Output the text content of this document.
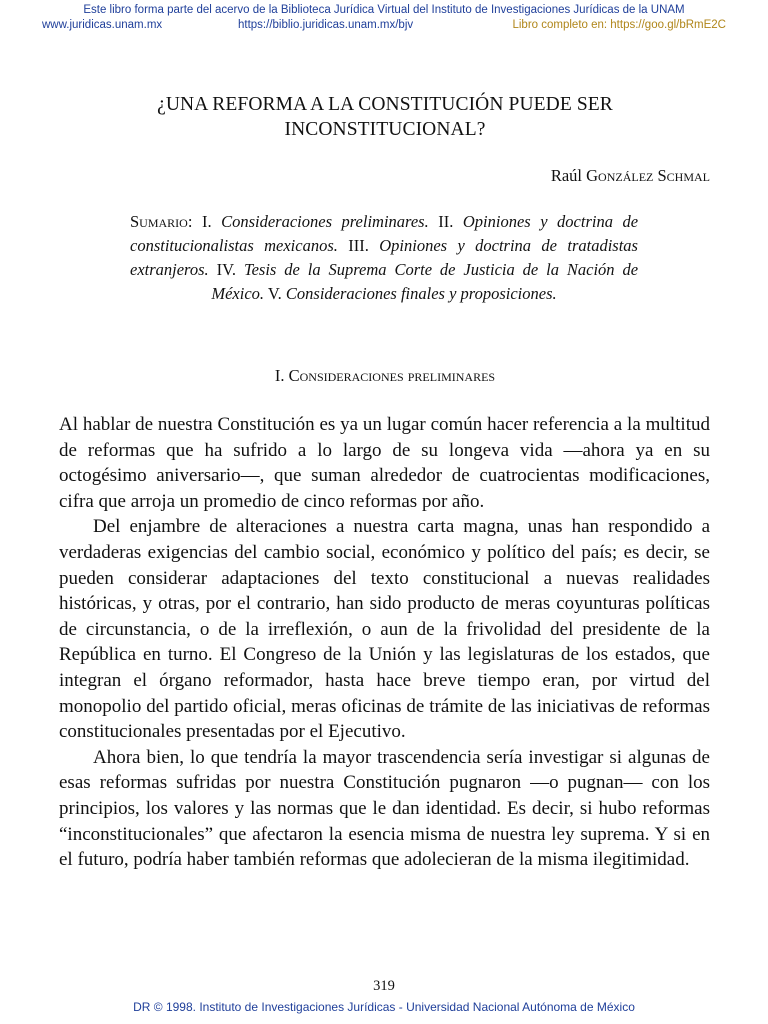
Este libro forma parte del acervo de la Biblioteca Jurídica Virtual del Instituto de Investigaciones Jurídicas de la UNAM
www.juridicas.unam.mx	https://biblio.juridicas.unam.mx/bjv	Libro completo en: https://goo.gl/bRmE2C
¿UNA REFORMA A LA CONSTITUCIÓN PUEDE SER
INCONSTITUCIONAL?
Raúl González Schmal
Sumario: I. Consideraciones preliminares. II. Opiniones y doctrina de constitucionalistas mexicanos. III. Opiniones y doctrina de tratadistas extranjeros. IV. Tesis de la Suprema Corte de Justicia de la Nación de México. V. Consideraciones finales y proposiciones.
I. Consideraciones preliminares

Al hablar de nuestra Constitución es ya un lugar común hacer referencia a la multitud de reformas que ha sufrido a lo largo de su longeva vida —ahora ya en su octogésimo aniversario—, que suman alrededor de cuatrocientas modificaciones, cifra que arroja un promedio de cinco reformas por año.

Del enjambre de alteraciones a nuestra carta magna, unas han respondido a verdaderas exigencias del cambio social, económico y político del país; es decir, se pueden considerar adaptaciones del texto constitucional a nuevas realidades históricas, y otras, por el contrario, han sido producto de meras coyunturas políticas de circunstancia, o de la irreflexión, o aun de la frivolidad del presidente de la República en turno. El Congreso de la Unión y las legislaturas de los estados, que integran el órgano reformador, hasta hace breve tiempo eran, por virtud del monopolio del partido oficial, meras oficinas de trámite de las iniciativas de reformas constitucionales presentadas por el Ejecutivo.

Ahora bien, lo que tendría la mayor trascendencia sería investigar si algunas de esas reformas sufridas por nuestra Constitución pugnaron —o pugnan— con los principios, los valores y las normas que le dan identidad. Es decir, si hubo reformas “inconstitucionales” que afectaron la esencia misma de nuestra ley suprema. Y si en el futuro, podría haber también reformas que adolecieran de la misma ilegitimidad.

319
DR © 1998. Instituto de Investigaciones Jurídicas - Universidad Nacional Autónoma de México
